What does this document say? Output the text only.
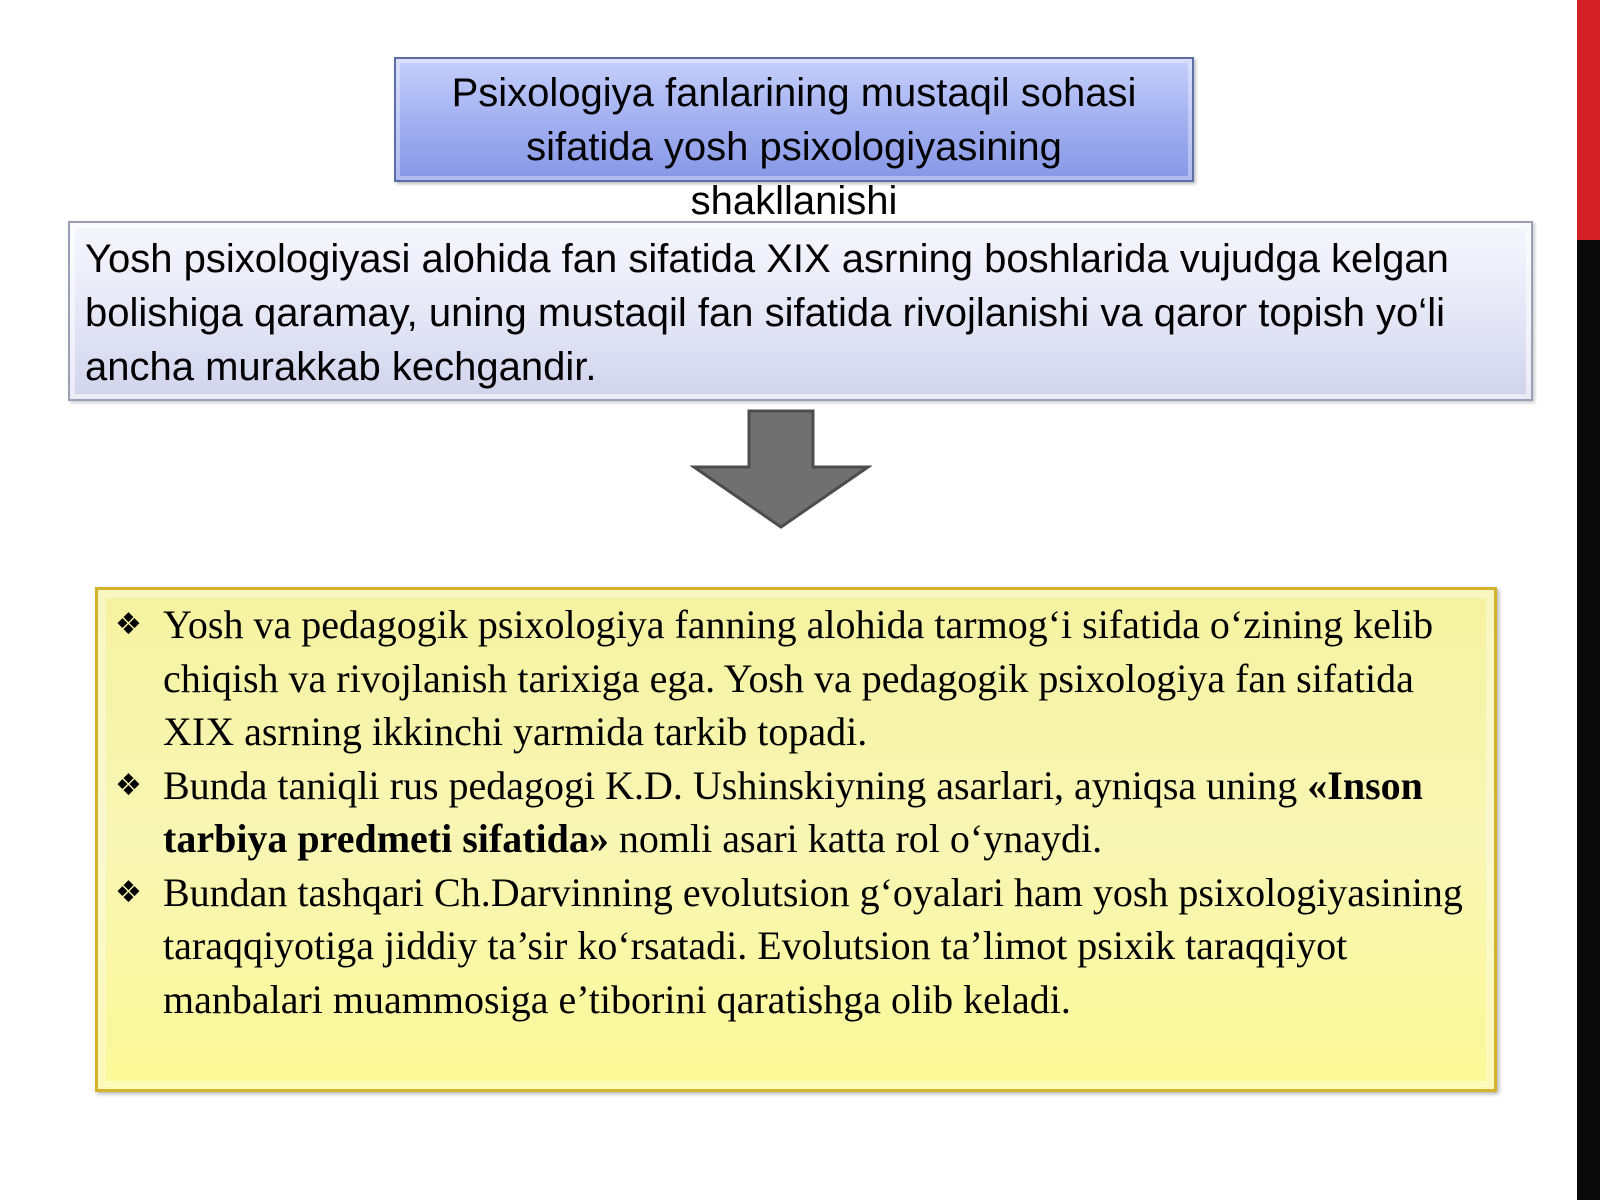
Psixologiya fanlarining mustaqil sohasi
sifatida yosh psixologiyasining
shakllanishi

Yosh psixologiyasi alohida fan sifatida XIX asrning boshlarida vujudga kelgan bolishiga qaramay, uning mustaqil fan sifatida rivojlanishi va qaror topish yo‘li ancha murakkab kechgandir.

❖ Yosh va pedagogik psixologiya fanning alohida tarmog‘i sifatida o‘zining kelib chiqish va rivojlanish tarixiga ega. Yosh va pedagogik psixologiya fan sifatida XIX asrning ikkinchi yarmida tarkib topadi.
❖ Bunda taniqli rus pedagogi K.D. Ushinskiyning asarlari, ayniqsa uning «Inson tarbiya predmeti sifatida» nomli asari katta rol o‘ynaydi.
❖ Bundan tashqari Ch.Darvinning evolutsion g‘oyalari ham yosh psixologiyasining taraqqiyotiga jiddiy ta’sir ko‘rsatadi. Evolutsion ta’limot psixik taraqqiyot manbalari muammosiga e’tiborini qaratishga olib keladi.
